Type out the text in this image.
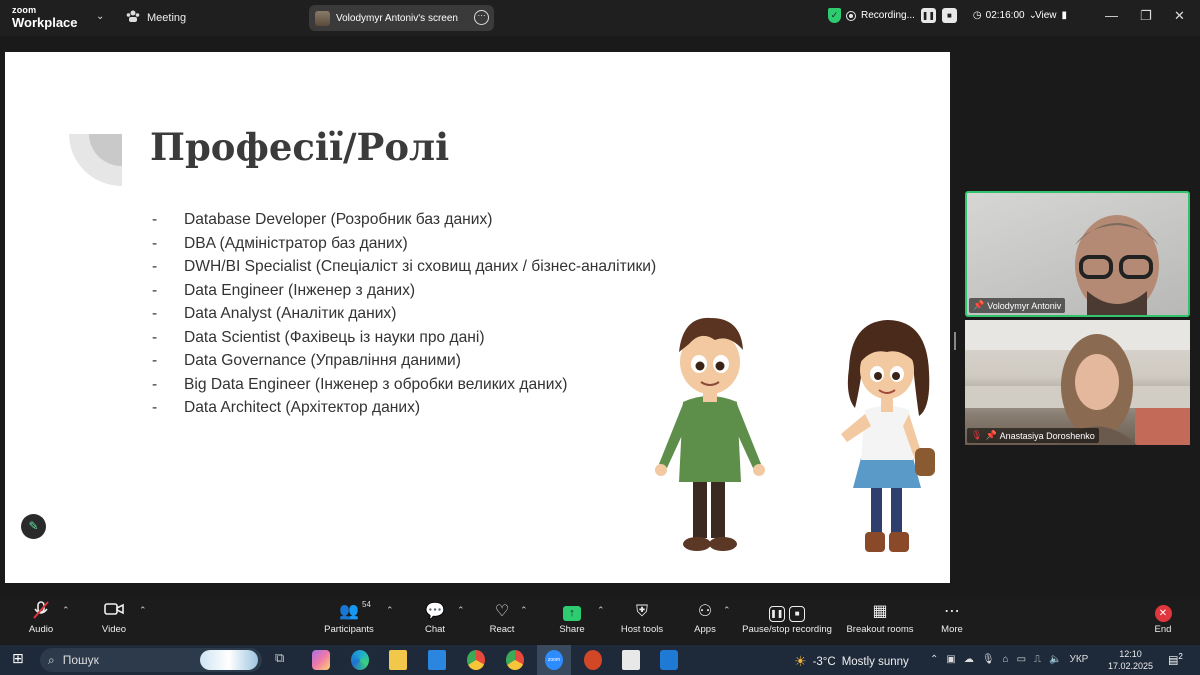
zoom
Workplace ⌄	Meeting	Volodymyr Antoniv's screen	···	✓ Recording... ❚❚	■	◷ 02:16:00 ⌄
View ▮	— ❐ ✕
Професії/Ролі
- Database Developer (Розробник баз даних)
- DBA (Адміністратор баз даних)
- DWH/BI Specialist (Спеціаліст зі сховищ даних / бізнес-аналітики)
- Data Engineer (Інженер з даних)
- Data Analyst (Аналітик даних)
- Data Scientist (Фахівець із науки про дані)
- Data Governance (Управління даними)
- Big Data Engineer (Інженер з обробки великих даних)
- Data Architect (Архітектор даних)
✎
📌 Volodymyr Antoniv
🎙 📌 Anastasiya Doroshenko
Audio
⌃
Video
⌃	👥
Participants
54
⌃	💬
Chat
⌃	♡
React
⌃	↑
Share
⌃	⛨
Host tools
⚇
Apps
⌃	❚❚ ■
Pause/stop recording
▦
Breakout rooms
⋯
More
✕
End
⊞ ⌕ Пошук	⧉	zoom	☀ -3°C Mostly sunny ⌃ ▣ ☁ 🎙 ⌂ ▭ ⎍ 🔈 УКР	12:10
17.02.2025 ▤$^2$
